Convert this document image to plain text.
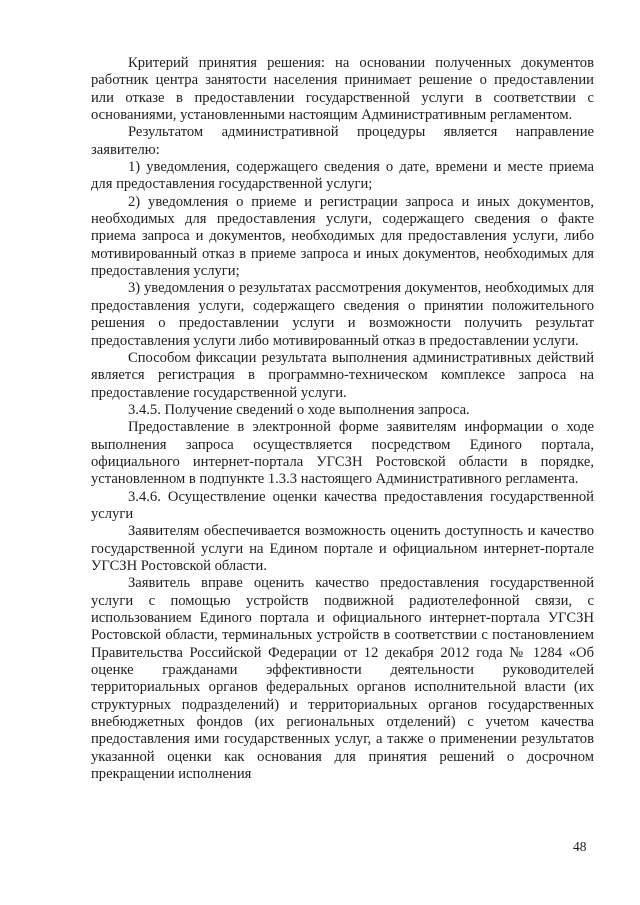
Критерий принятия решения: на основании полученных документов работник центра занятости населения принимает решение о предоставлении или отказе в предоставлении государственной услуги в соответствии с основаниями, установленными настоящим Административным регламентом.

Результатом административной процедуры является направление заявителю:

1) уведомления, содержащего сведения о дате, времени и месте приема для предоставления государственной услуги;

2) уведомления о приеме и регистрации запроса и иных документов, необходимых для предоставления услуги, содержащего сведения о факте приема запроса и документов, необходимых для предоставления услуги, либо мотивированный отказ в приеме запроса и иных документов, необходимых для предоставления услуги;

3) уведомления о результатах рассмотрения документов, необходимых для предоставления услуги, содержащего сведения о принятии положительного решения о предоставлении услуги и возможности получить результат предоставления услуги либо мотивированный отказ в предоставлении услуги.

Способом фиксации результата выполнения административных действий является регистрация в программно-техническом комплексе запроса на предоставление государственной услуги.

3.4.5. Получение сведений о ходе выполнения запроса.

Предоставление в электронной форме заявителям информации о ходе выполнения запроса осуществляется посредством Единого портала, официального интернет-портала УГСЗН Ростовской области в порядке, установленном в подпункте 1.3.3 настоящего Административного регламента.

3.4.6. Осуществление оценки качества предоставления государственной услуги

Заявителям обеспечивается возможность оценить доступность и качество государственной услуги на Едином портале и официальном интернет-портале УГСЗН Ростовской области.

Заявитель вправе оценить качество предоставления государственной услуги с помощью устройств подвижной радиотелефонной связи, с использованием Единого портала и официального интернет-портала УГСЗН Ростовской области, терминальных устройств в соответствии с постановлением Правительства Российской Федерации от 12 декабря 2012 года № 1284 «Об оценке гражданами эффективности деятельности руководителей территориальных органов федеральных органов исполнительной власти (их структурных подразделений) и территориальных органов государственных внебюджетных фондов (их региональных отделений) с учетом качества предоставления ими государственных услуг, а также о применении результатов указанной оценки как основания для принятия решений о досрочном прекращении исполнения

48
